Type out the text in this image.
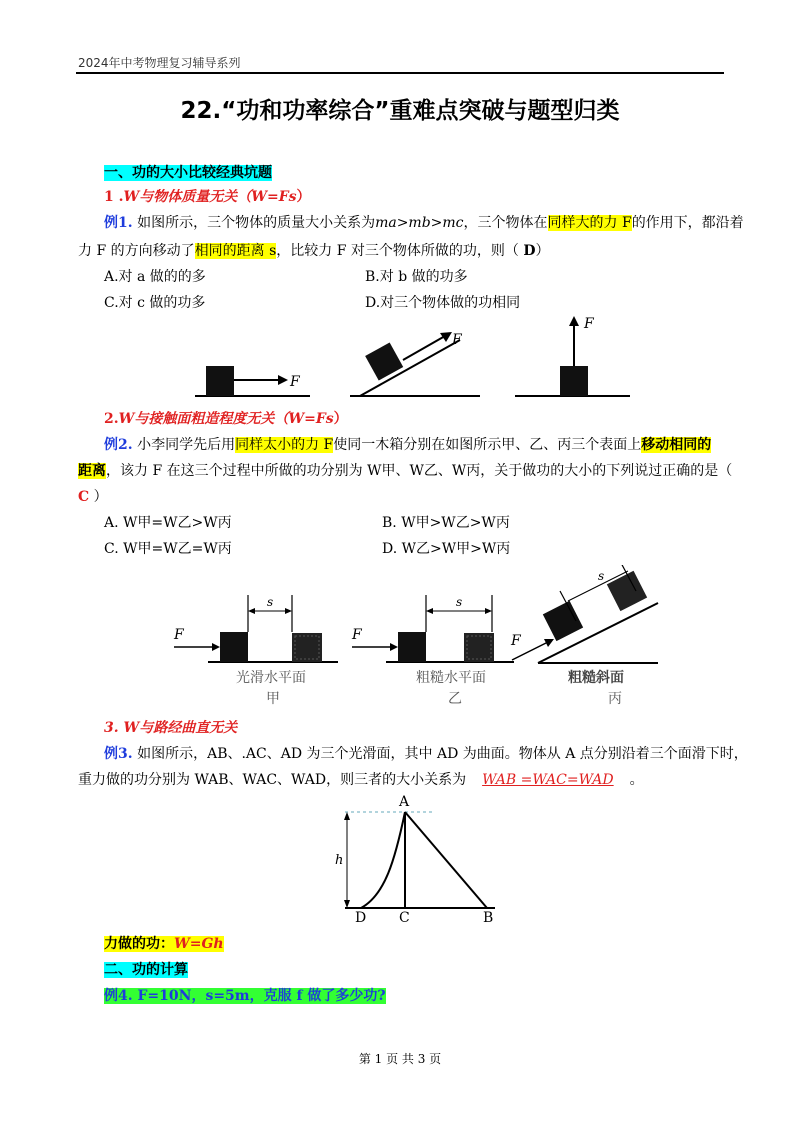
2024年中考物理复习辅导系列
22.“功和功率综合”重难点突破与题型归类
一、功的大小比较经典坑题
1 .W与物体质量无关（W=Fs）
例1. 如图所示，三个物体的质量大小关系为ma>mb>mc，三个物体在同样大的力 F的作用下，都沿着
力 F 的方向移动了相同的距离 s，比较力 F 对三个物体所做的功，则（ D）
A.对 a 做的的多	B.对 b 做的功多
C.对 c 做的功多	D.对三个物体做的功相同
F
F
F
2.W与接触面粗造程度无关（W=Fs）
例2. 小李同学先后用同样太小的力 F使同一木箱分别在如图所示甲、乙、丙三个表面上移动相同的
距离，该力 F 在这三个过程中所做的功分别为 W甲、W乙、W丙，关于做功的大小的下列说过正确的是（
C ）
A. W甲=W乙>W丙	B. W甲>W乙>W丙
C. W甲=W乙=W丙	D. W乙>W甲>W丙
F
s
光滑水平面
甲
F
s
粗糙水平面
乙
F
s
粗糙斜面
丙
3. W与路经曲直无关
例3. 如图所示，AB、.AC、AD 为三个光滑面，其中 AD 为曲面。物体从 A 点分别沿着三个面滑下时，
重力做的功分别为 WAB、WAC、WAD，则三者的大小关系为 WAB =WAC=WAD 。
h
A
D C	B
力做的功：W=Gh
二、功的计算
例4. F=10N，s=5m，克服 f 做了多少功?
第 1 页 共 3 页
